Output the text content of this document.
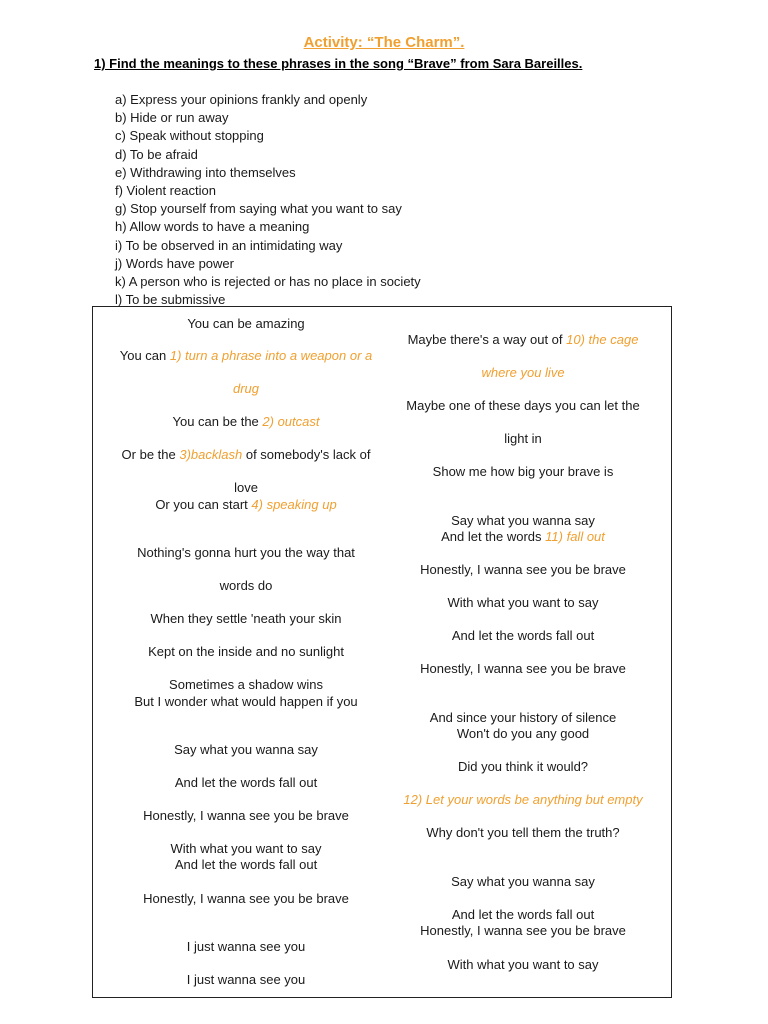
Activity: “The Charm”.
1) Find the meanings to these phrases in the song “Brave” from Sara Bareilles.
a) Express your opinions frankly and openly
b) Hide or run away
c) Speak without stopping
d) To be afraid
e) Withdrawing into themselves
f) Violent reaction
g) Stop yourself from saying what you want to say
h) Allow words to have a meaning
i) To be observed in an intimidating way
j) Words have power
k) A person who is rejected or has no place in society
l) To be submissive
You can be amazing
You can 1) turn a phrase into a weapon or a
drug
You can be the 2) outcast
Or be the 3)backlash of somebody's lack of
love
Or you can start 4) speaking up
Nothing's gonna hurt you the way that
words do
When they settle 'neath your skin
Kept on the inside and no sunlight
Sometimes a shadow wins
But I wonder what would happen if you
Say what you wanna say
And let the words fall out
Honestly, I wanna see you be brave
With what you want to say
And let the words fall out
Honestly, I wanna see you be brave
I just wanna see you
I just wanna see you
Maybe there's a way out of 10) the cage
where you live
Maybe one of these days you can let the
light in
Show me how big your brave is
Say what you wanna say
And let the words 11) fall out
Honestly, I wanna see you be brave
With what you want to say
And let the words fall out
Honestly, I wanna see you be brave
And since your history of silence
Won't do you any good
Did you think it would?
12) Let your words be anything but empty
Why don't you tell them the truth?
Say what you wanna say
And let the words fall out
Honestly, I wanna see you be brave
With what you want to say
